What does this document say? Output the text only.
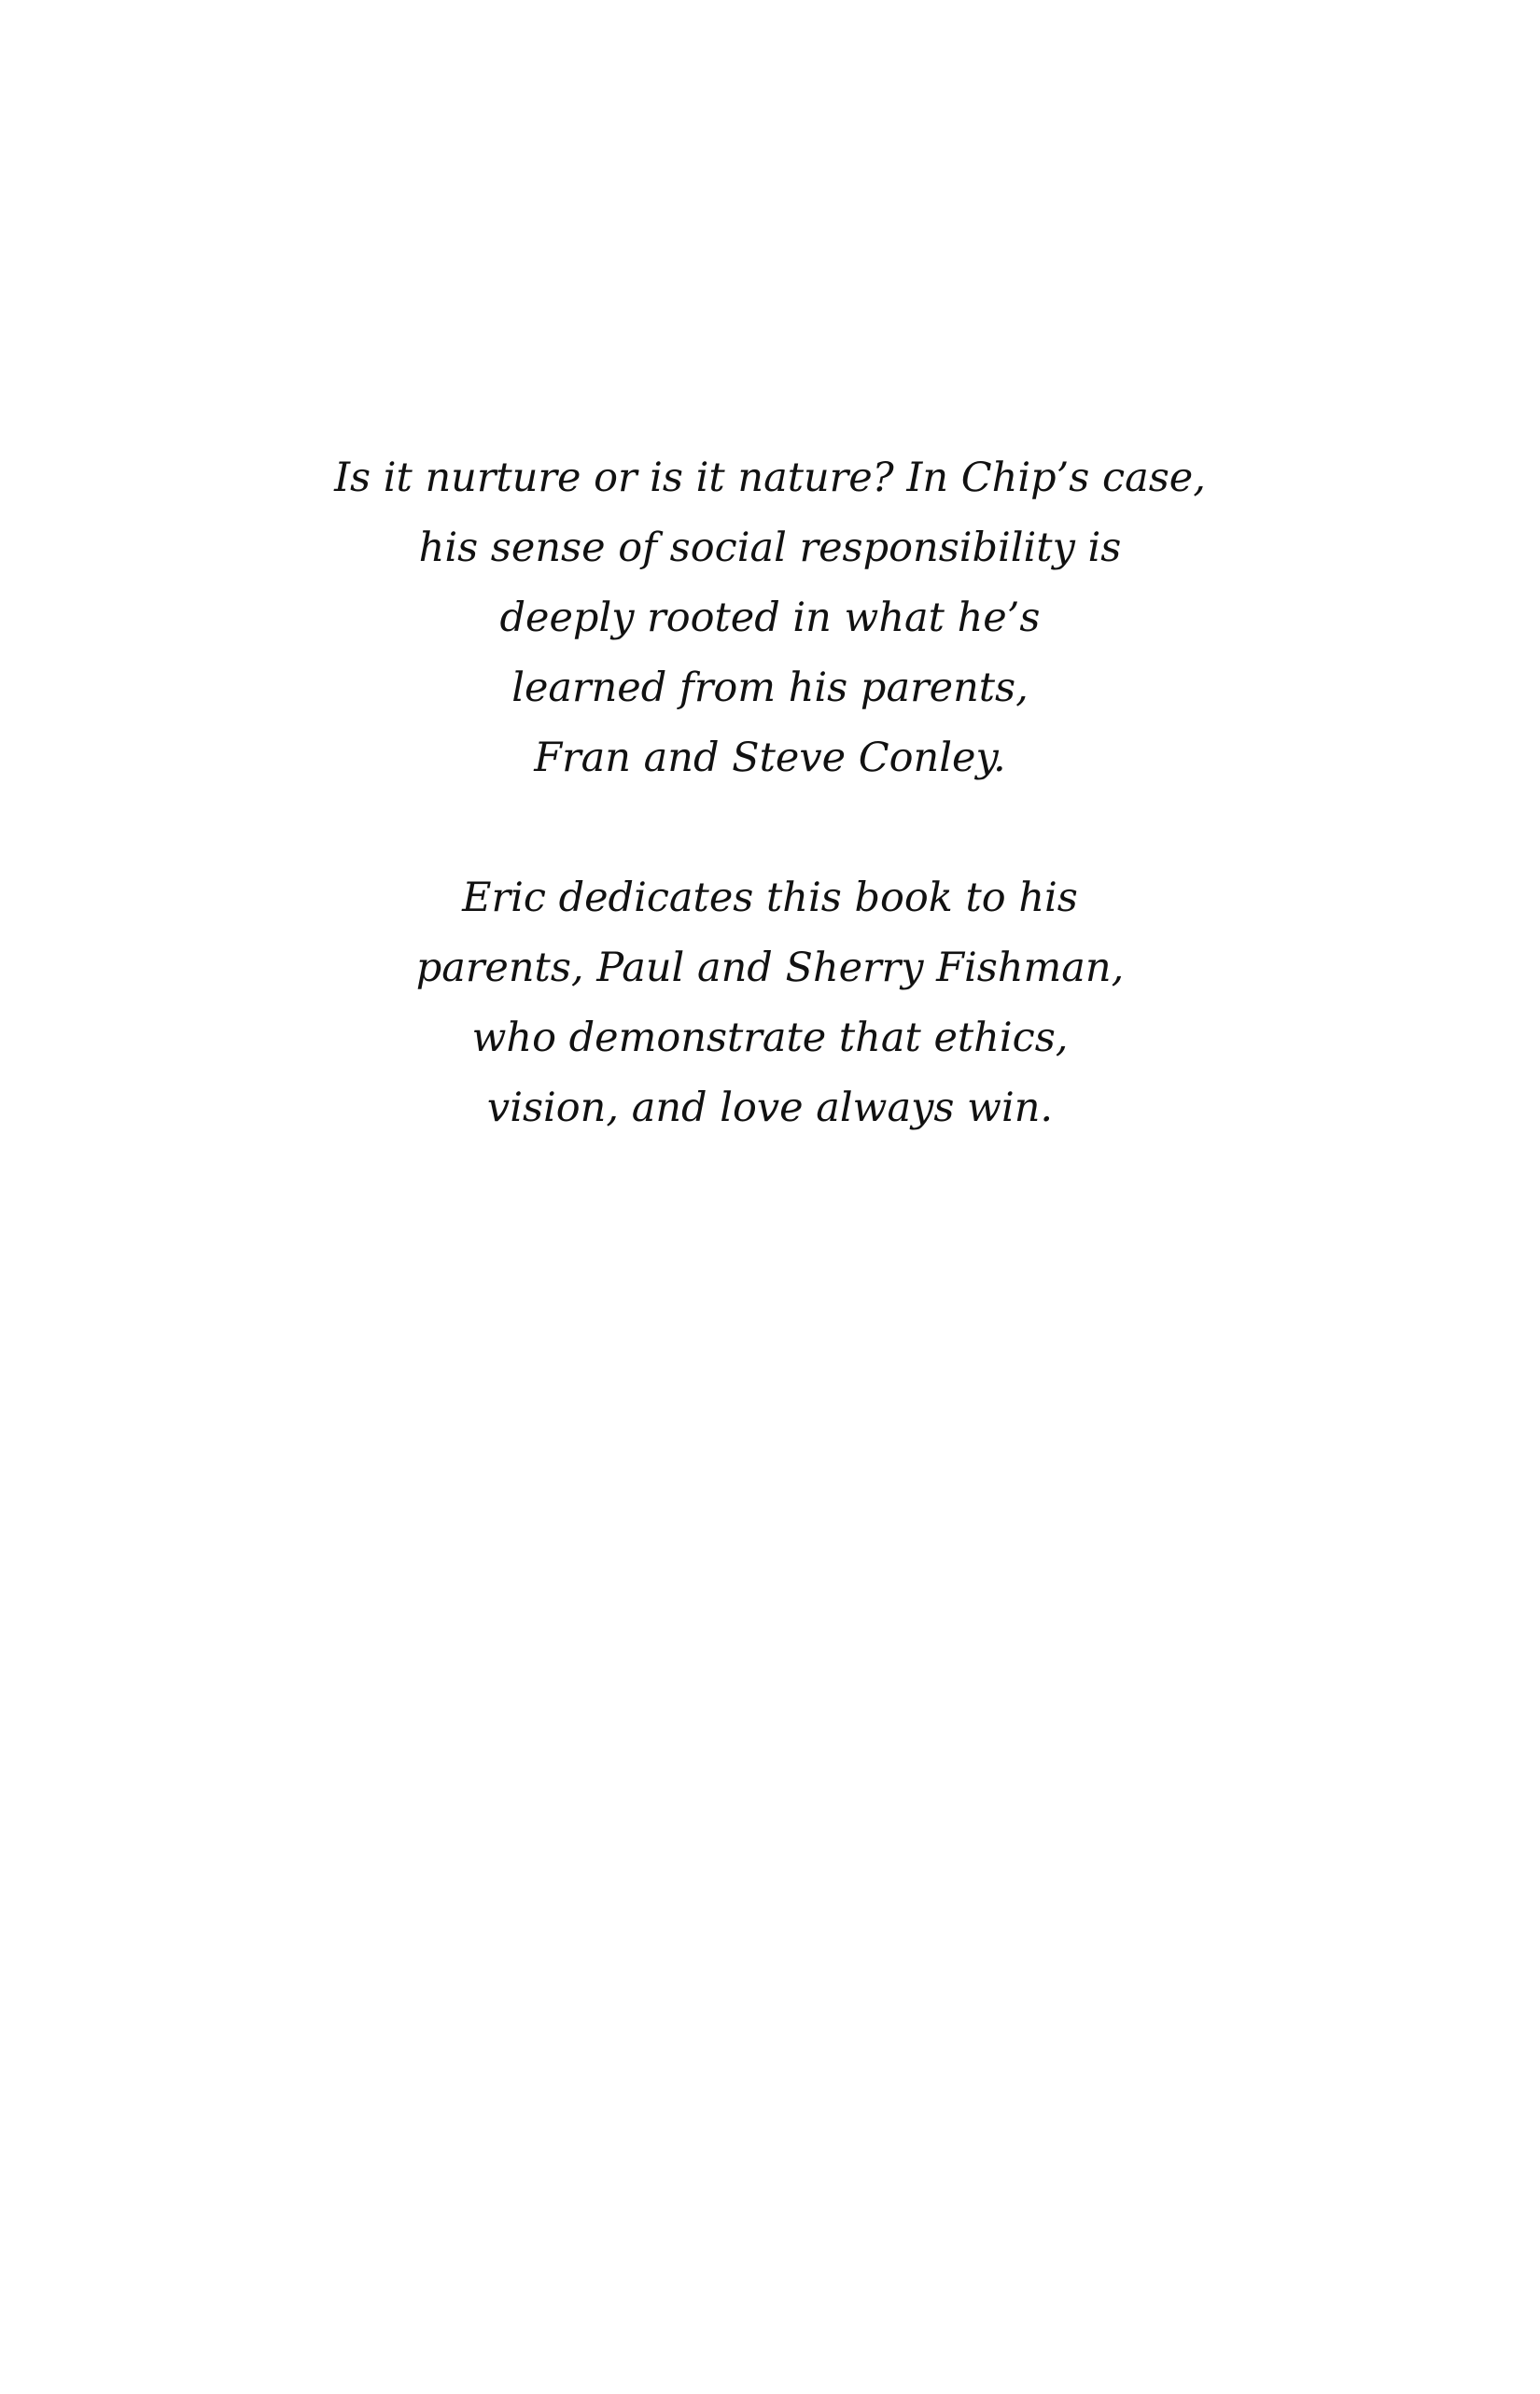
Is it nurture or is it nature? In Chip’s case,
his sense of social responsibility is
deeply rooted in what he’s
learned from his parents,
Fran and Steve Conley.
Eric dedicates this book to his
parents, Paul and Sherry Fishman,
who demonstrate that ethics,
vision, and love always win.
